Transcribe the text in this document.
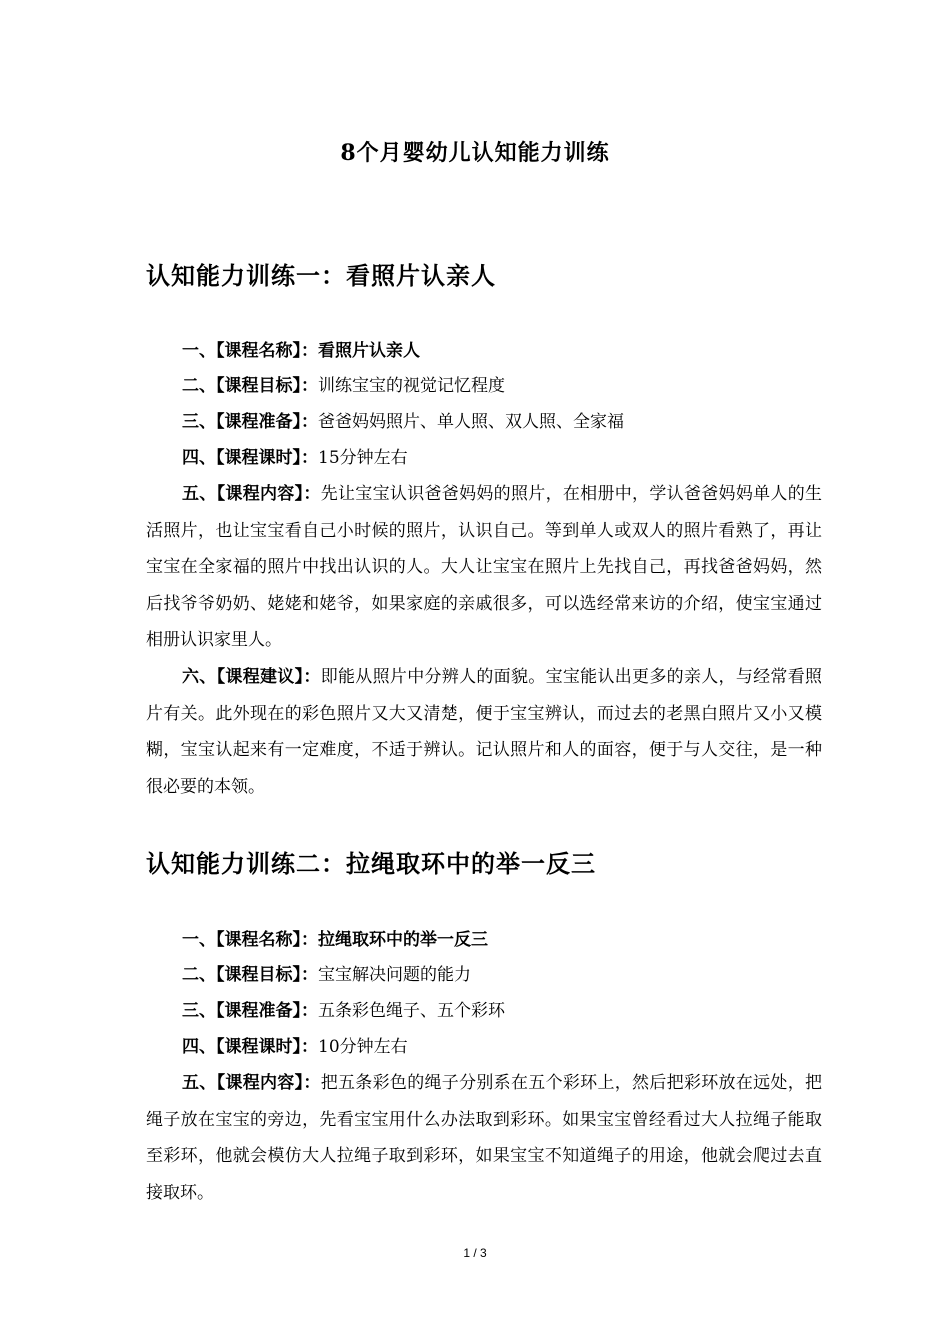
8个月婴幼儿认知能力训练
认知能力训练一：看照片认亲人
一、【课程名称】：看照片认亲人
二、【课程目标】：训练宝宝的视觉记忆程度
三、【课程准备】：爸爸妈妈照片、单人照、双人照、全家福
四、【课程课时】：15分钟左右
五、【课程内容】：先让宝宝认识爸爸妈妈的照片，在相册中，学认爸爸妈妈单人的生活照片，也让宝宝看自己小时候的照片，认识自己。等到单人或双人的照片看熟了，再让宝宝在全家福的照片中找出认识的人。大人让宝宝在照片上先找自己，再找爸爸妈妈，然后找爷爷奶奶、姥姥和姥爷，如果家庭的亲戚很多，可以选经常来访的介绍，使宝宝通过相册认识家里人。
六、【课程建议】：即能从照片中分辨人的面貌。宝宝能认出更多的亲人，与经常看照片有关。此外现在的彩色照片又大又清楚，便于宝宝辨认，而过去的老黑白照片又小又模糊，宝宝认起来有一定难度，不适于辨认。记认照片和人的面容，便于与人交往，是一种很必要的本领。
认知能力训练二：拉绳取环中的举一反三
一、【课程名称】：拉绳取环中的举一反三
二、【课程目标】：宝宝解决问题的能力
三、【课程准备】：五条彩色绳子、五个彩环
四、【课程课时】：10分钟左右
五、【课程内容】：把五条彩色的绳子分别系在五个彩环上，然后把彩环放在远处，把绳子放在宝宝的旁边，先看宝宝用什么办法取到彩环。如果宝宝曾经看过大人拉绳子能取至彩环，他就会模仿大人拉绳子取到彩环，如果宝宝不知道绳子的用途，他就会爬过去直接取环。
1 / 3
